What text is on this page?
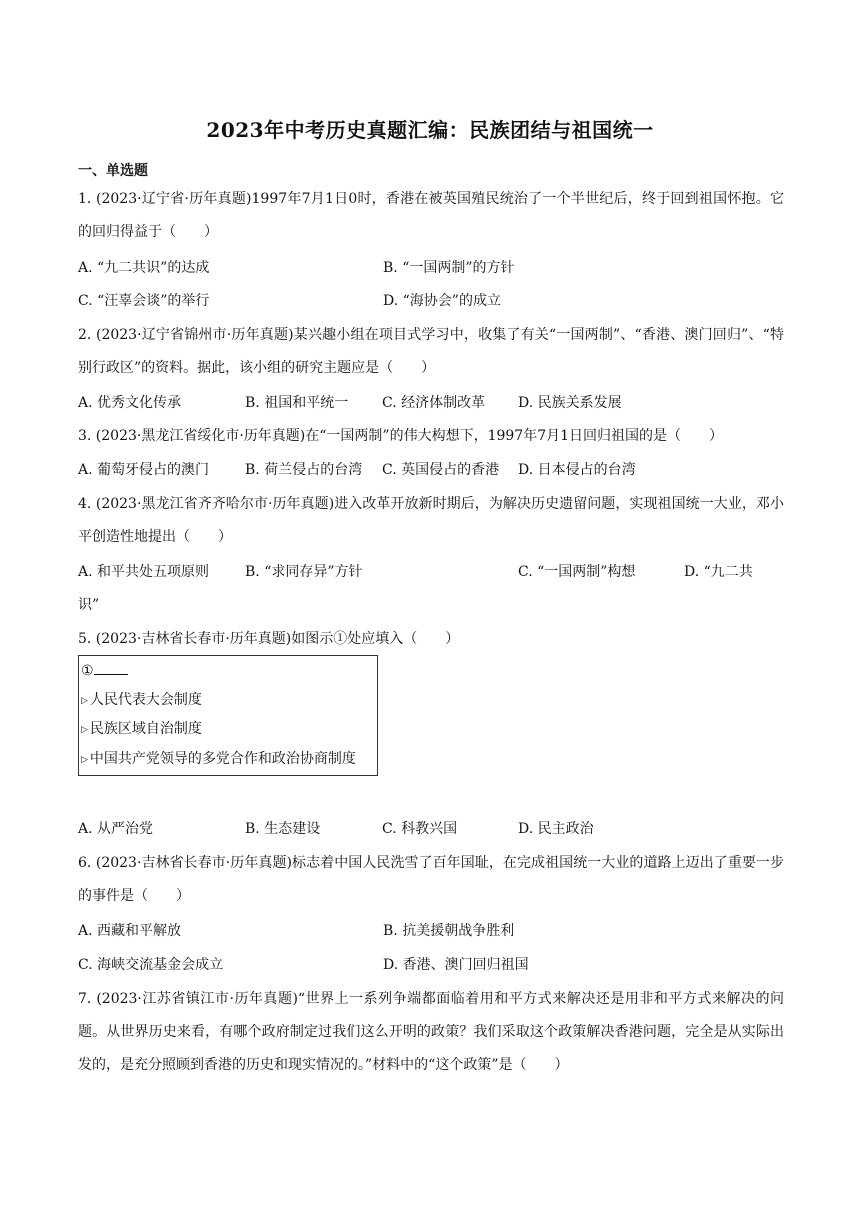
2023年中考历史真题汇编：民族团结与祖国统一
一、单选题
1. (2023·辽宁省·历年真题)1997年7月1日0时，香港在被英国殖民统治了一个半世纪后，终于回到祖国怀抱。它的回归得益于（　　）
A. “九二共识”的达成	B. “一国两制”的方针
C. “汪辜会谈”的举行	D. “海协会”的成立
2. (2023·辽宁省锦州市·历年真题)某兴趣小组在项目式学习中，收集了有关“一国两制”、“香港、澳门回归”、“特别行政区”的资料。据此，该小组的研究主题应是（　　）
A. 优秀文化传承	B. 祖国和平统一 C. 经济体制改革 D. 民族关系发展
3. (2023·黑龙江省绥化市·历年真题)在“一国两制”的伟大构想下，1997年7月1日回归祖国的是（　　）
A. 葡萄牙侵占的澳门	B. 荷兰侵占的台湾 C. 英国侵占的香港 D. 日本侵占的台湾
4. (2023·黑龙江省齐齐哈尔市·历年真题)进入改革开放新时期后，为解决历史遗留问题，实现祖国统一大业，邓小平创造性地提出（　　）
A. 和平共处五项原则	B. “求同存异”方针	C. “一国两制”构想	D. “九二共
识”
5. (2023·吉林省长春市·历年真题)如图示①处应填入（　　）
①
▷ 人民代表大会制度
▷ 民族区域自治制度
▷ 中国共产党领导的多党合作和政治协商制度
A. 从严治党	B. 生态建设	C. 科教兴国	D. 民主政治
6. (2023·吉林省长春市·历年真题)标志着中国人民洗雪了百年国耻，在完成祖国统一大业的道路上迈出了重要一步的事件是（　　）
A. 西藏和平解放	B. 抗美援朝战争胜利
C. 海峡交流基金会成立	D. 香港、澳门回归祖国
7. (2023·江苏省镇江市·历年真题)“世界上一系列争端都面临着用和平方式来解决还是用非和平方式来解决的问题。从世界历史来看，有哪个政府制定过我们这么开明的政策？我们采取这个政策解决香港问题，完全是从实际出发的，是充分照顾到香港的历史和现实情况的。”材料中的“这个政策”是（　　）
